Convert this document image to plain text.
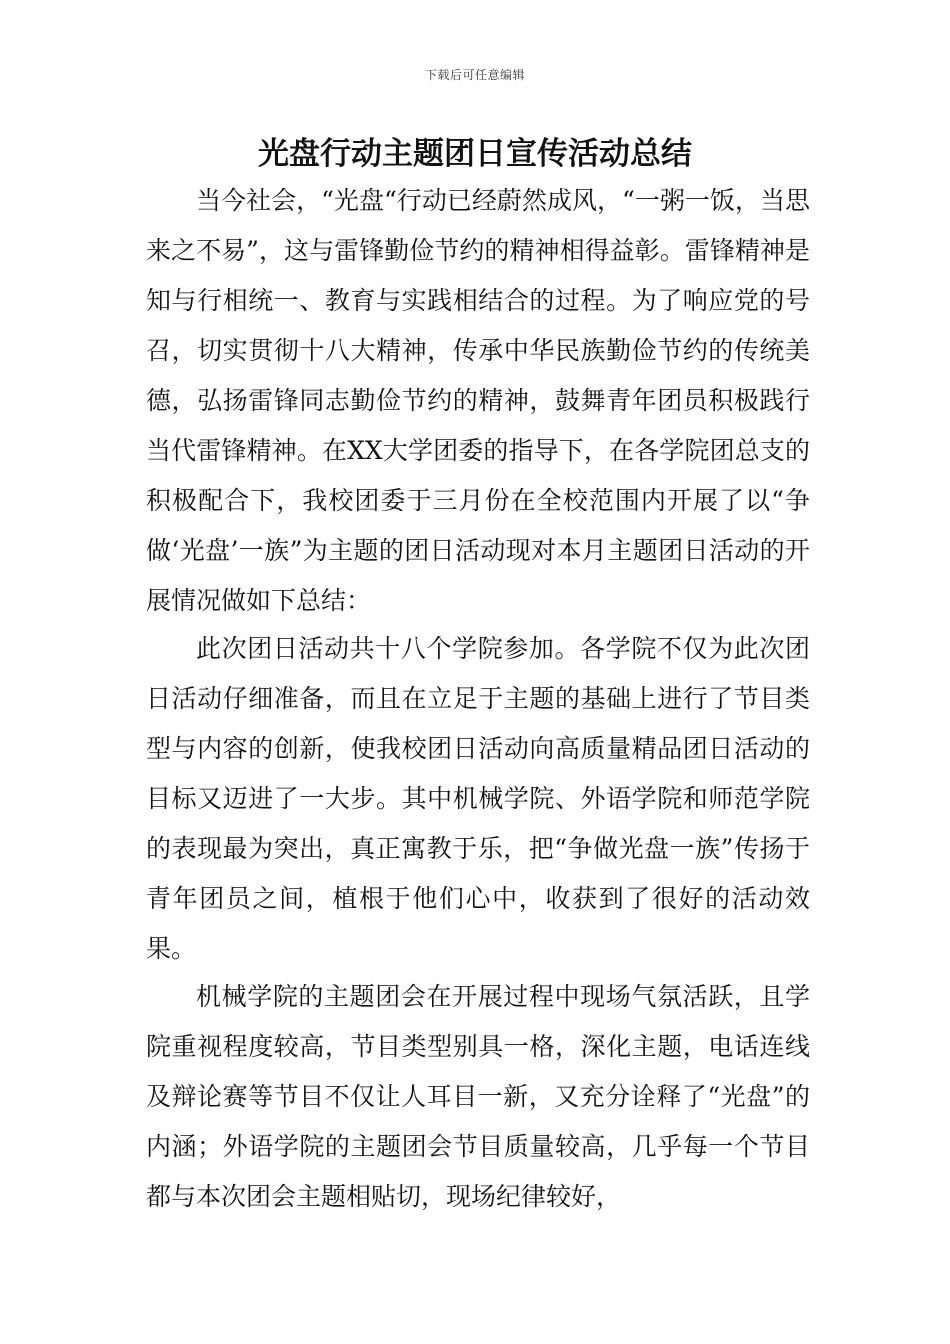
下载后可任意编辑
光盘行动主题团日宣传活动总结

当今社会，“光盘“行动已经蔚然成风，“一粥一饭，当思来之不易”，这与雷锋勤俭节约的精神相得益彰。雷锋精神是知与行相统一、教育与实践相结合的过程。为了响应党的号召，切实贯彻十八大精神，传承中华民族勤俭节约的传统美德，弘扬雷锋同志勤俭节约的精神，鼓舞青年团员积极践行当代雷锋精神。在XX大学团委的指导下，在各学院团总支的积极配合下，我校团委于三月份在全校范围内开展了以“争做‘光盘’一族”为主题的团日活动现对本月主题团日活动的开展情况做如下总结：

此次团日活动共十八个学院参加。各学院不仅为此次团日活动仔细准备，而且在立足于主题的基础上进行了节目类型与内容的创新，使我校团日活动向高质量精品团日活动的目标又迈进了一大步。其中机械学院、外语学院和师范学院的表现最为突出，真正寓教于乐，把“争做光盘一族”传扬于青年团员之间，植根于他们心中，收获到了很好的活动效果。

机械学院的主题团会在开展过程中现场气氛活跃，且学院重视程度较高，节目类型别具一格，深化主题，电话连线及辩论赛等节目不仅让人耳目一新，又充分诠释了“光盘”的内涵；外语学院的主题团会节目质量较高，几乎每一个节目都与本次团会主题相贴切，现场纪律较好，
